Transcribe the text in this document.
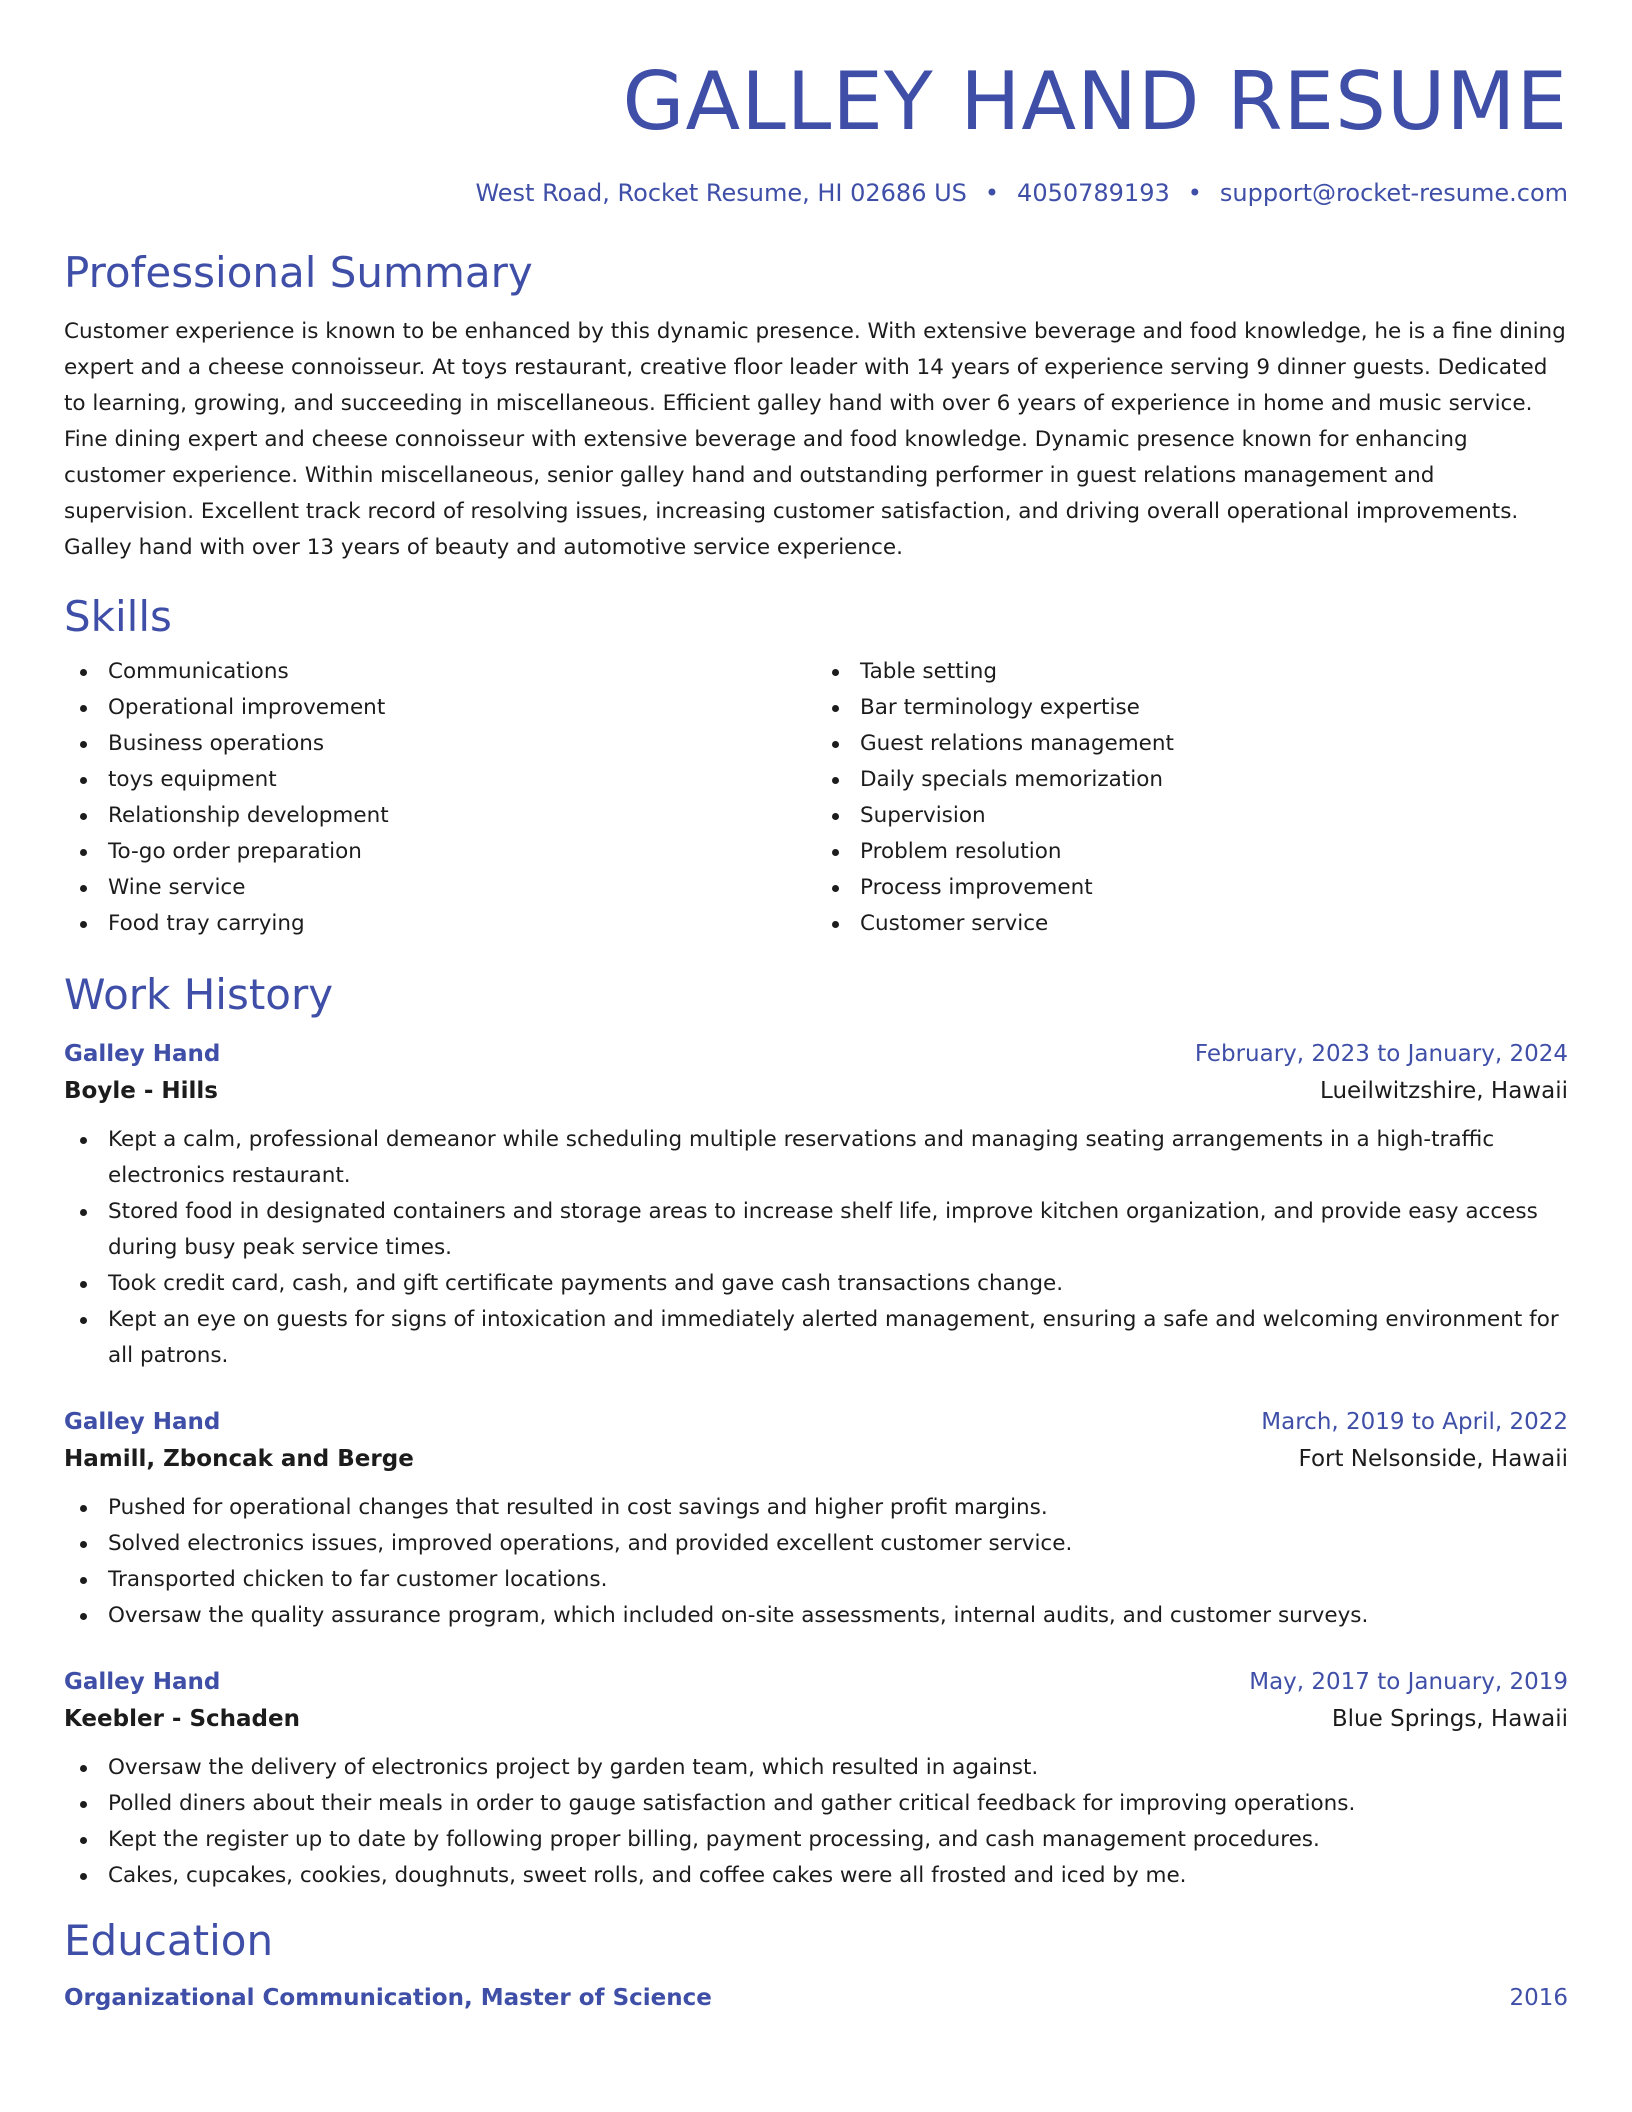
GALLEY HAND RESUME
West Road, Rocket Resume, HI 02686 US • 4050789193 • support@rocket-resume.com
Professional Summary
Customer experience is known to be enhanced by this dynamic presence. With extensive beverage and food knowledge, he is a fine dining expert and a cheese connoisseur. At toys restaurant, creative floor leader with 14 years of experience serving 9 dinner guests. Dedicated to learning, growing, and succeeding in miscellaneous. Efficient galley hand with over 6 years of experience in home and music service. Fine dining expert and cheese connoisseur with extensive beverage and food knowledge. Dynamic presence known for enhancing customer experience. Within miscellaneous, senior galley hand and outstanding performer in guest relations management and supervision. Excellent track record of resolving issues, increasing customer satisfaction, and driving overall operational improvements. Galley hand with over 13 years of beauty and automotive service experience.
Skills
Communications
Operational improvement
Business operations
toys equipment
Relationship development
To-go order preparation
Wine service
Food tray carrying
Table setting
Bar terminology expertise
Guest relations management
Daily specials memorization
Supervision
Problem resolution
Process improvement
Customer service
Work History
Galley Hand	February, 2023 to January, 2024
Boyle - Hills	Lueilwitzshire, Hawaii
Kept a calm, professional demeanor while scheduling multiple reservations and managing seating arrangements in a high-traffic electronics restaurant.
Stored food in designated containers and storage areas to increase shelf life, improve kitchen organization, and provide easy access during busy peak service times.
Took credit card, cash, and gift certificate payments and gave cash transactions change.
Kept an eye on guests for signs of intoxication and immediately alerted management, ensuring a safe and welcoming environment for all patrons.
Galley Hand	March, 2019 to April, 2022
Hamill, Zboncak and Berge	Fort Nelsonside, Hawaii
Pushed for operational changes that resulted in cost savings and higher profit margins.
Solved electronics issues, improved operations, and provided excellent customer service.
Transported chicken to far customer locations.
Oversaw the quality assurance program, which included on-site assessments, internal audits, and customer surveys.
Galley Hand	May, 2017 to January, 2019
Keebler - Schaden	Blue Springs, Hawaii
Oversaw the delivery of electronics project by garden team, which resulted in against.
Polled diners about their meals in order to gauge satisfaction and gather critical feedback for improving operations.
Kept the register up to date by following proper billing, payment processing, and cash management procedures.
Cakes, cupcakes, cookies, doughnuts, sweet rolls, and coffee cakes were all frosted and iced by me.
Education
Organizational Communication, Master of Science	2016
